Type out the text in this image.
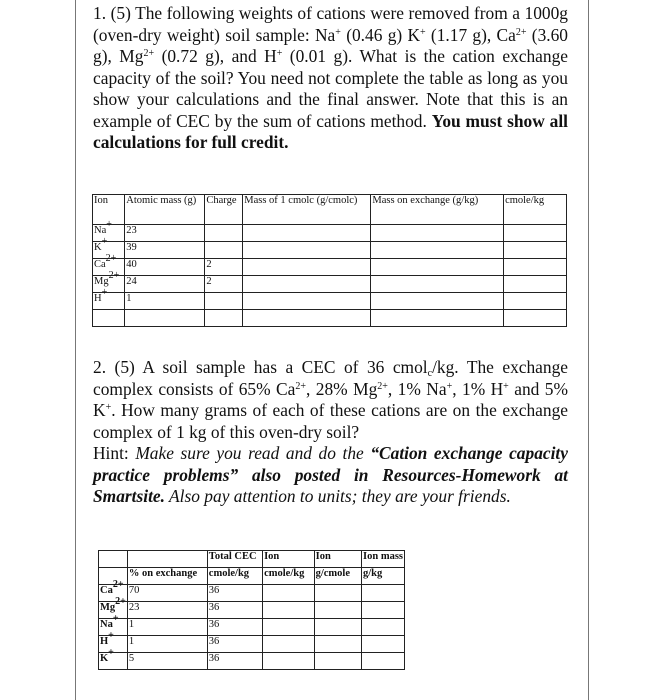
1. (5) The following weights of cations were removed from a 1000g (oven-dry weight) soil sample: Na+ (0.46 g) K+ (1.17 g), $Ca^{2+}$ (3.60 g), $Mg^{2+}$ (0.72 g), and H+ (0.01 g). What is the cation exchange capacity of the soil? You need not complete the table as long as you show your calculations and the final answer. Note that this is an example of CEC by the sum of cations method. You must show all calculations for full credit.

Ion	Atomic mass (g)	Charge	Mass of 1 cmolc (g/cmolc)	Mass on exchange (g/kg)	cmole/kg
Na+	23				
K+	39				
$Ca^{2+}$	40	2			
$Mg^{2+}$	24	2			
H+	1				

2. (5) A soil sample has a CEC of 36 cmol$_c$/kg. The exchange complex consists of 65% $Ca^{2+}$, 28% $Mg^{2+}$, 1% Na+, 1% H+ and 5% K+. How many grams of each of these cations are on the exchange complex of 1 kg of this oven-dry soil?

Hint: Make sure you read and do the “Cation exchange capacity practice problems” also posted in Resources-Homework at Smartsite. Also pay attention to units; they are your friends.

		Total CEC	Ion	Ion	Ion mass
	% on exchange	cmole/kg	cmole/kg	g/cmole	g/kg
$Ca^{2+}$	70	36			
$Mg^{2+}$	23	36			
Na+	1	36			
H+	1	36			
K+	5	36			
